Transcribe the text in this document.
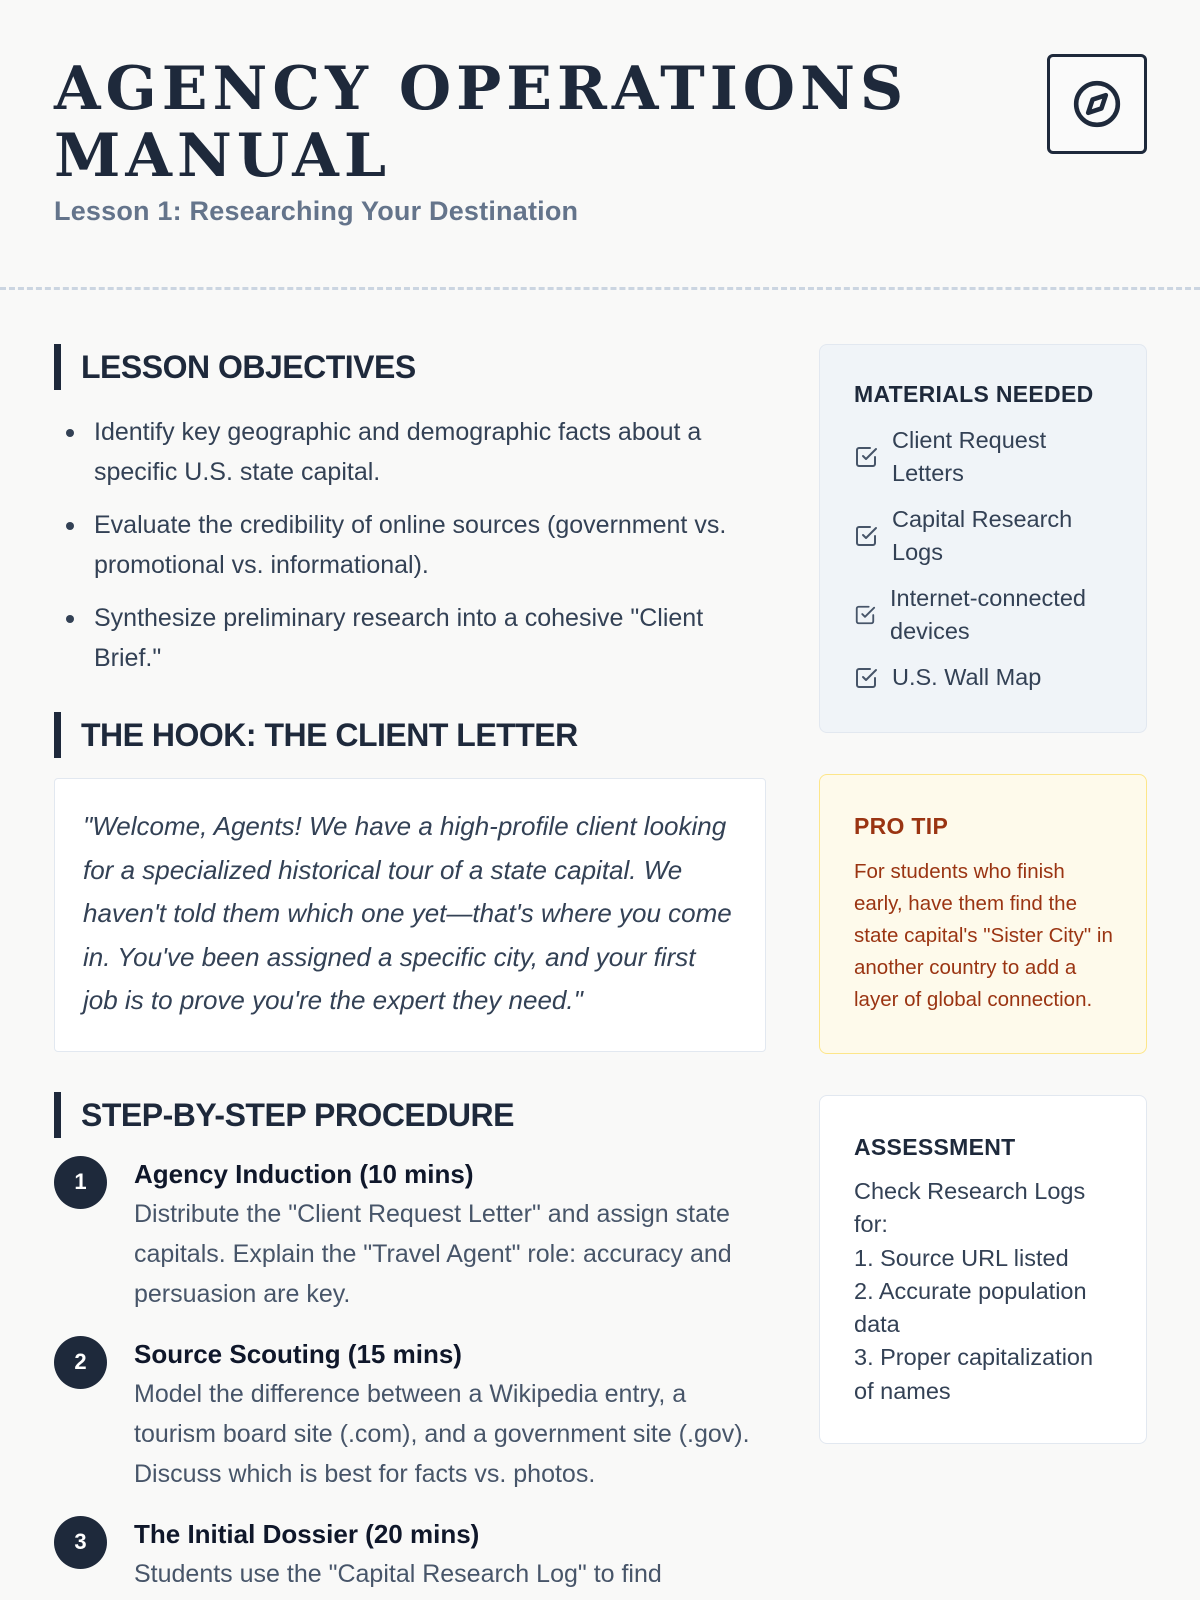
AGENCY OPERATIONS MANUAL
Lesson 1: Researching Your Destination
LESSON OBJECTIVES
Identify key geographic and demographic facts about a specific U.S. state capital.
Evaluate the credibility of online sources (government vs. promotional vs. informational).
Synthesize preliminary research into a cohesive "Client Brief."
THE HOOK: THE CLIENT LETTER

"Welcome, Agents! We have a high-profile client looking for a specialized historical tour of a state capital. We haven't told them which one yet—that's where you come in. You've been assigned a specific city, and your first job is to prove you're the expert they need."

STEP-BY-STEP PROCEDURE
1	Agency Induction (10 mins)
Distribute the "Client Request Letter" and assign state capitals. Explain the "Travel Agent" role: accuracy and persuasion are key.
2	Source Scouting (15 mins)
Model the difference between a Wikipedia entry, a tourism board site (.com), and a government site (.gov). Discuss which is best for facts vs. photos.
3	The Initial Dossier (20 mins)
Students use the "Capital Research Log" to find
MATERIALS NEEDED
Client Request Letters
Capital Research Logs
Internet-connected devices
U.S. Wall Map
PRO TIP

For students who finish early, have them find the state capital's "Sister City" in another country to add a layer of global connection.

ASSESSMENT
Check Research Logs for:
1. Source URL listed
2. Accurate population data
3. Proper capitalization of names
